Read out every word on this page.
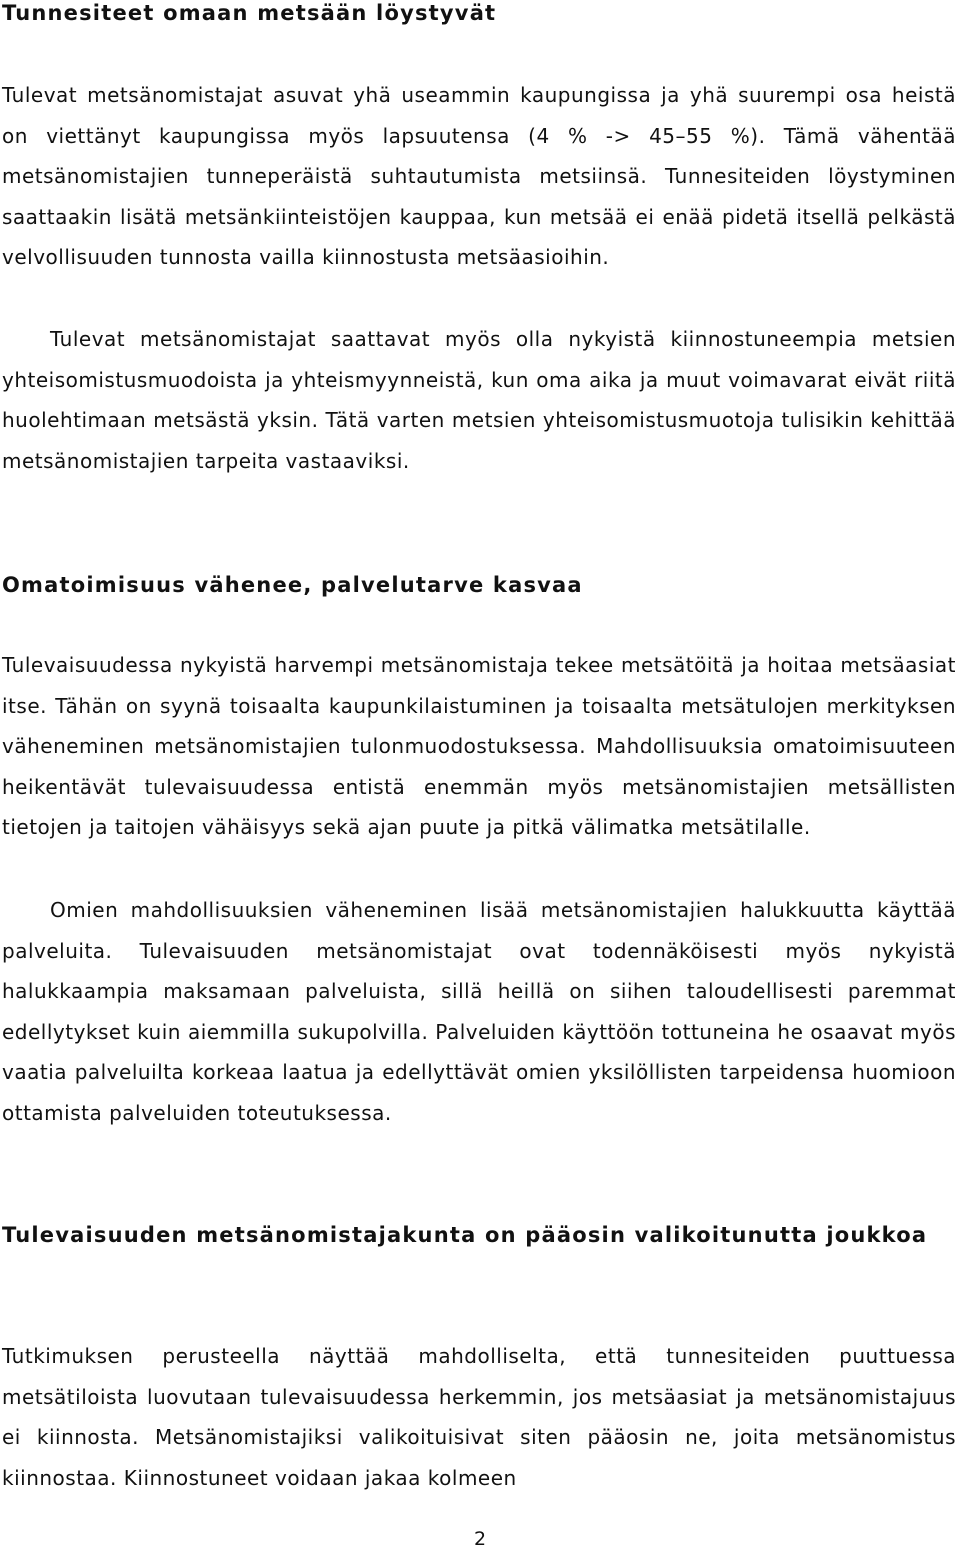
Tunnesiteet omaan metsään löystyvät

Tulevat metsänomistajat asuvat yhä useammin kaupungissa ja yhä suurempi osa heistä on viettänyt kaupungissa myös lapsuutensa (4 % -> 45–55 %). Tämä vähentää metsänomistajien tunneperäistä suhtautumista metsiinsä. Tunnesiteiden löystyminen saattaakin lisätä metsänkiinteistöjen kauppaa, kun metsää ei enää pidetä itsellä pelkästä velvollisuuden tunnosta vailla kiinnostusta metsäasioihin.

Tulevat metsänomistajat saattavat myös olla nykyistä kiinnostuneempia metsien yhteisomistusmuodoista ja yhteismyynneistä, kun oma aika ja muut voimavarat eivät riitä huolehtimaan metsästä yksin. Tätä varten metsien yhteisomistusmuotoja tulisikin kehittää metsänomistajien tarpeita vastaaviksi.

Omatoimisuus vähenee, palvelutarve kasvaa

Tulevaisuudessa nykyistä harvempi metsänomistaja tekee metsätöitä ja hoitaa metsäasiat itse. Tähän on syynä toisaalta kaupunkilaistuminen ja toisaalta metsätulojen merkityksen väheneminen metsänomistajien tulonmuodostuksessa. Mahdollisuuksia omatoimisuuteen heikentävät tulevaisuudessa entistä enemmän myös metsänomistajien metsällisten tietojen ja taitojen vähäisyys sekä ajan puute ja pitkä välimatka metsätilalle.

Omien mahdollisuuksien väheneminen lisää metsänomistajien halukkuutta käyttää palveluita. Tulevaisuuden metsänomistajat ovat todennäköisesti myös nykyistä halukkaampia maksamaan palveluista, sillä heillä on siihen taloudellisesti paremmat edellytykset kuin aiemmilla sukupolvilla. Palveluiden käyttöön tottuneina he osaavat myös vaatia palveluilta korkeaa laatua ja edellyttävät omien yksilöllisten tarpeidensa huomioon ottamista palveluiden toteutuksessa.

Tulevaisuuden metsänomistajakunta on pääosin valikoitunutta joukkoa

Tutkimuksen perusteella näyttää mahdolliselta, että tunnesiteiden puuttuessa metsätiloista luovutaan tulevaisuudessa herkemmin, jos metsäasiat ja metsänomistajuus ei kiinnosta. Metsänomistajiksi valikoituisivat siten pääosin ne, joita metsänomistus kiinnostaa. Kiinnostuneet voidaan jakaa kolmeen

2
